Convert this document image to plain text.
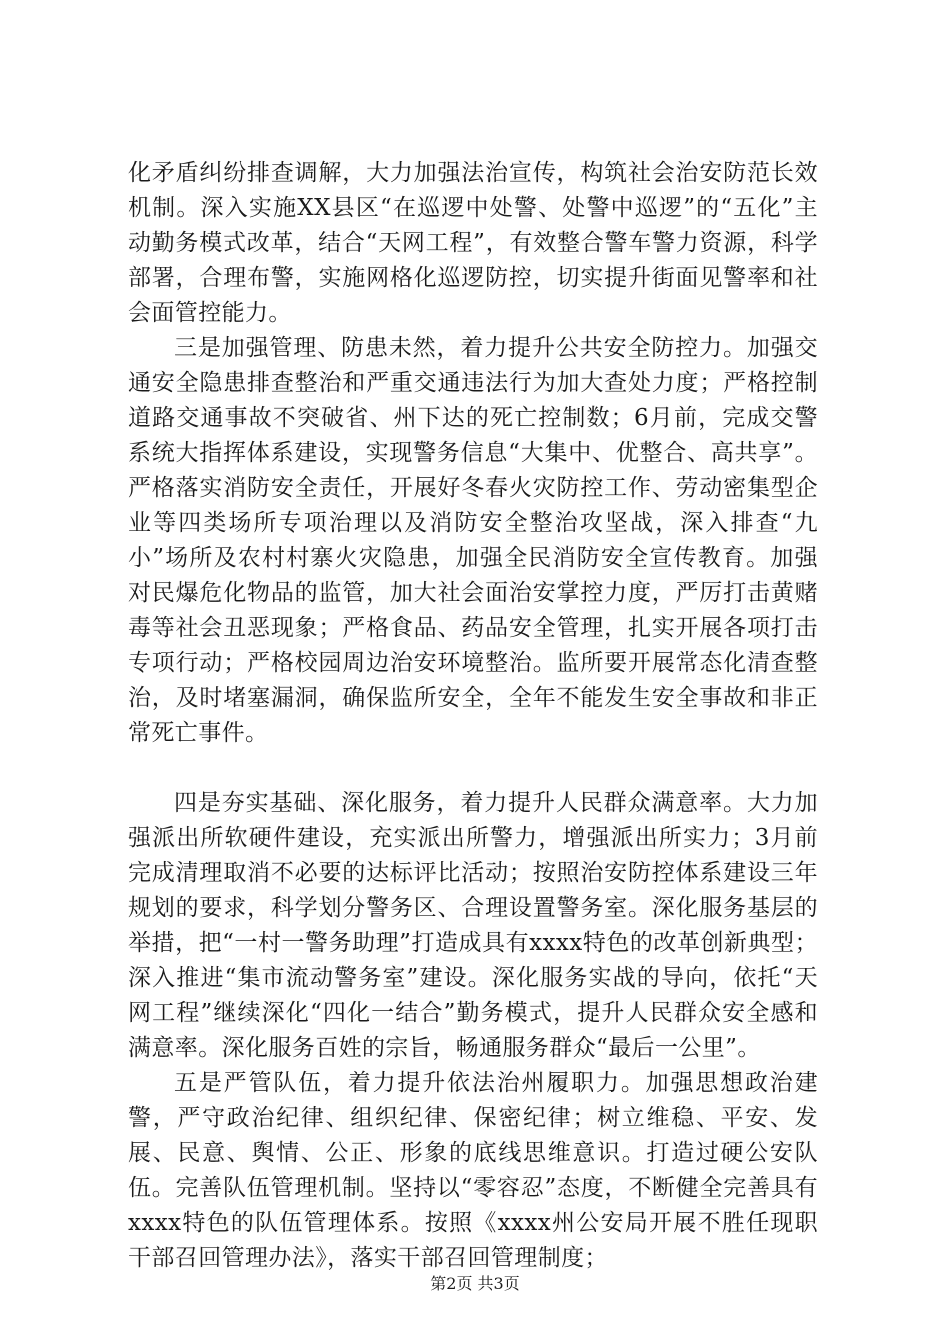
化矛盾纠纷排查调解，大力加强法治宣传，构筑社会治安防范长效机制。深入实施XX县区“在巡逻中处警、处警中巡逻”的“五化”主动勤务模式改革，结合“天网工程”，有效整合警车警力资源，科学部署，合理布警，实施网格化巡逻防控，切实提升街面见警率和社会面管控能力。

三是加强管理、防患未然，着力提升公共安全防控力。加强交通安全隐患排查整治和严重交通违法行为加大查处力度；严格控制道路交通事故不突破省、州下达的死亡控制数；6月前，完成交警系统大指挥体系建设，实现警务信息“大集中、优整合、高共享”。严格落实消防安全责任，开展好冬春火灾防控工作、劳动密集型企业等四类场所专项治理以及消防安全整治攻坚战，深入排查“九小”场所及农村村寨火灾隐患，加强全民消防安全宣传教育。加强对民爆危化物品的监管，加大社会面治安掌控力度，严厉打击黄赌毒等社会丑恶现象；严格食品、药品安全管理，扎实开展各项打击专项行动；严格校园周边治安环境整治。监所要开展常态化清查整治，及时堵塞漏洞，确保监所安全，全年不能发生安全事故和非正常死亡事件。

四是夯实基础、深化服务，着力提升人民群众满意率。大力加强派出所软硬件建设，充实派出所警力，增强派出所实力；3月前完成清理取消不必要的达标评比活动；按照治安防控体系建设三年规划的要求，科学划分警务区、合理设置警务室。深化服务基层的举措，把“一村一警务助理”打造成具有xxxx特色的改革创新典型；深入推进“集市流动警务室”建设。深化服务实战的导向，依托“天网工程”继续深化“四化一结合”勤务模式，提升人民群众安全感和满意率。深化服务百姓的宗旨，畅通服务群众“最后一公里”。

五是严管队伍，着力提升依法治州履职力。加强思想政治建警，严守政治纪律、组织纪律、保密纪律；树立维稳、平安、发展、民意、舆情、公正、形象的底线思维意识。打造过硬公安队伍。完善队伍管理机制。坚持以“零容忍”态度，不断健全完善具有xxxx特色的队伍管理体系。按照《xxxx州公安局开展不胜任现职干部召回管理办法》，落实干部召回管理制度；

第2页 共3页
